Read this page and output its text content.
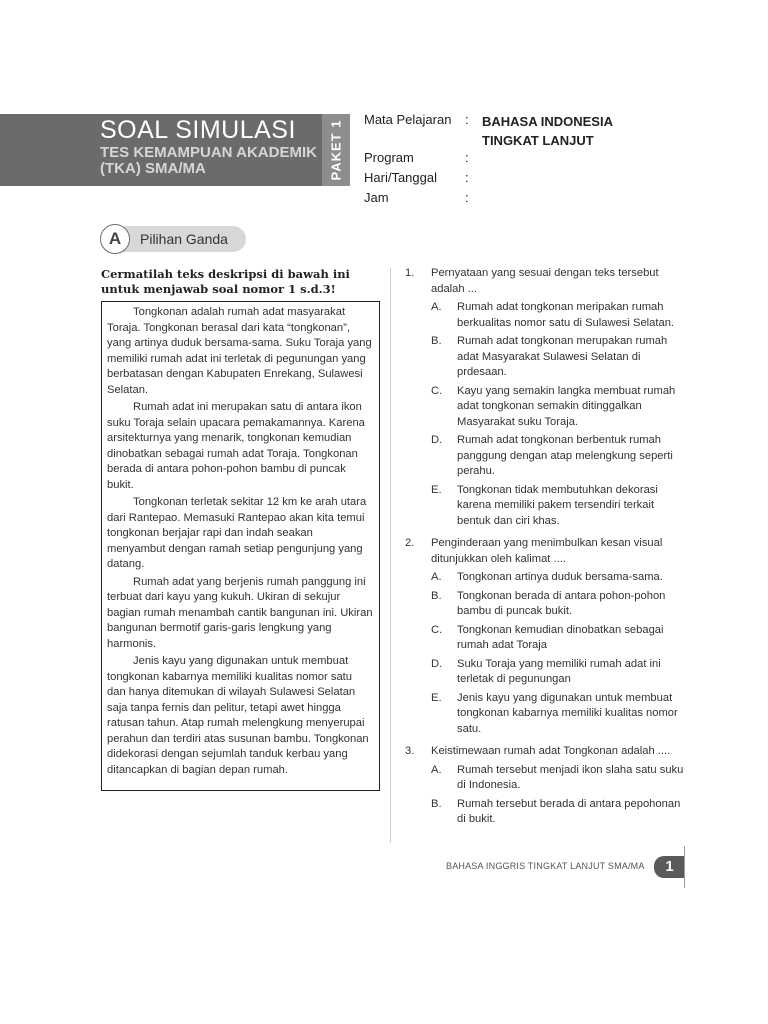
SOAL SIMULASI
TES KEMAMPUAN AKADEMIK
(TKA) SMA/MA	PAKET 1
Mata Pelajaran : BAHASA INDONESIA
TINGKAT LANJUT
Program	:
Hari/Tanggal :
Jam	:
A	Pilihan Ganda
Cermatilah teks deskripsi di bawah ini untuk menjawab soal nomor 1 s.d.3!

Tongkonan adalah rumah adat masyarakat Toraja. Tongkonan berasal dari kata “tongkonan”, yang artinya duduk bersama-sama. Suku Toraja yang memiliki rumah adat ini terletak di pegunungan yang berbatasan dengan Kabupaten Enrekang, Sulawesi Selatan.

Rumah adat ini merupakan satu di antara ikon suku Toraja selain upacara pemakamannya. Karena arsitekturnya yang menarik, tongkonan kemudian dinobatkan sebagai rumah adat Toraja. Tongkonan berada di antara pohon-pohon bambu di puncak bukit.

Tongkonan terletak sekitar 12 km ke arah utara dari Rantepao. Memasuki Rantepao akan kita temui tongkonan berjajar rapi dan indah seakan menyambut dengan ramah setiap pengunjung yang datang.

Rumah adat yang berjenis rumah panggung ini terbuat dari kayu yang kukuh. Ukiran di sekujur bagian rumah menambah cantik bangunan ini. Ukiran bangunan bermotif garis-garis lengkung yang harmonis.

Jenis kayu yang digunakan untuk membuat tongkonan kabarnya memiliki kualitas nomor satu dan hanya ditemukan di wilayah Sulawesi Selatan saja tanpa fernis dan pelitur, tetapi awet hingga ratusan tahun. Atap rumah melengkung menyerupai perahun dan terdiri atas susunan bambu. Tongkonan didekorasi dengan sejumlah tanduk kerbau yang ditancapkan di bagian depan rumah.

1. Pernyataan yang sesuai dengan teks tersebut adalah ...
A. Rumah adat tongkonan meripakan rumah berkualitas nomor satu di Sulawesi Selatan.
B. Rumah adat tongkonan merupakan rumah adat Masyarakat Sulawesi Selatan di prdesaan.
C. Kayu yang semakin langka membuat rumah adat tongkonan semakin ditinggalkan Masyarakat suku Toraja.
D. Rumah adat tongkonan berbentuk rumah panggung dengan atap melengkung seperti perahu.
E. Tongkonan tidak membutuhkan dekorasi karena memiliki pakem tersendiri terkait bentuk dan ciri khas.
2. Penginderaan yang menimbulkan kesan visual ditunjukkan oleh kalimat ....
A. Tongkonan artinya duduk bersama-sama.
B. Tongkonan berada di antara pohon-pohon bambu di puncak bukit.
C. Tongkonan kemudian dinobatkan sebagai rumah adat Toraja
D. Suku Toraja yang memiliki rumah adat ini terletak di pegunungan
E. Jenis kayu yang digunakan untuk membuat tongkonan kabarnya memiliki kualitas nomor satu.
3. Keistimewaan rumah adat Tongkonan adalah ....
A. Rumah tersebut menjadi ikon slaha satu suku di Indonesia.
B. Rumah tersebut berada di antara pepohonan di bukit.
BAHASA INGGRIS TINGKAT LANJUT SMA/MA	1
